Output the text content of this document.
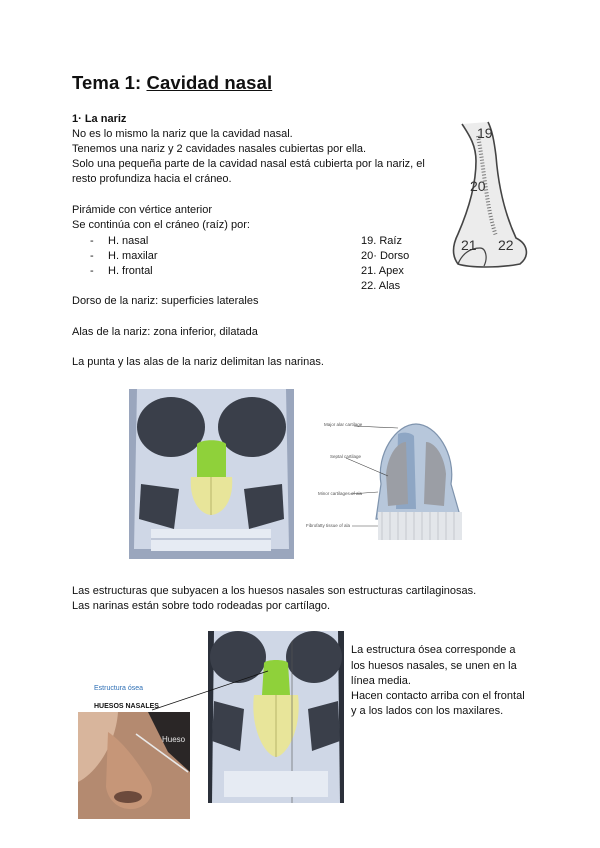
Tema 1: Cavidad nasal
1· La nariz
No es lo mismo la nariz que la cavidad nasal.
Tenemos una nariz y 2 cavidades nasales cubiertas por ella.
Solo una pequeña parte de la cavidad nasal está cubierta por la nariz, el
resto profundiza hacia el cráneo.
Pirámide con vértice anterior
Se continúa con el cráneo (raíz) por:
- H. nasal
- H. maxilar
- H. frontal
19. Raíz
20· Dorso
21. Apex
22. Alas
Dorso de la nariz: superficies laterales
Alas de la nariz: zona inferior, dilatada
La punta y las alas de la nariz delimitan las narinas.
19
20
21 22
Major alar cartilage
Septal cartilage
Minor cartilages of ala
Fibrofatty tissue of ala
Las estructuras que subyacen a los huesos nasales son estructuras cartilaginosas.
Las narinas están sobre todo rodeadas por cartílago.
Estructura ósea
HUESOS NASALES
Hueso
La estructura ósea corresponde a
los huesos nasales, se unen en la
línea media.
Hacen contacto arriba con el frontal
y a los lados con los maxilares.
